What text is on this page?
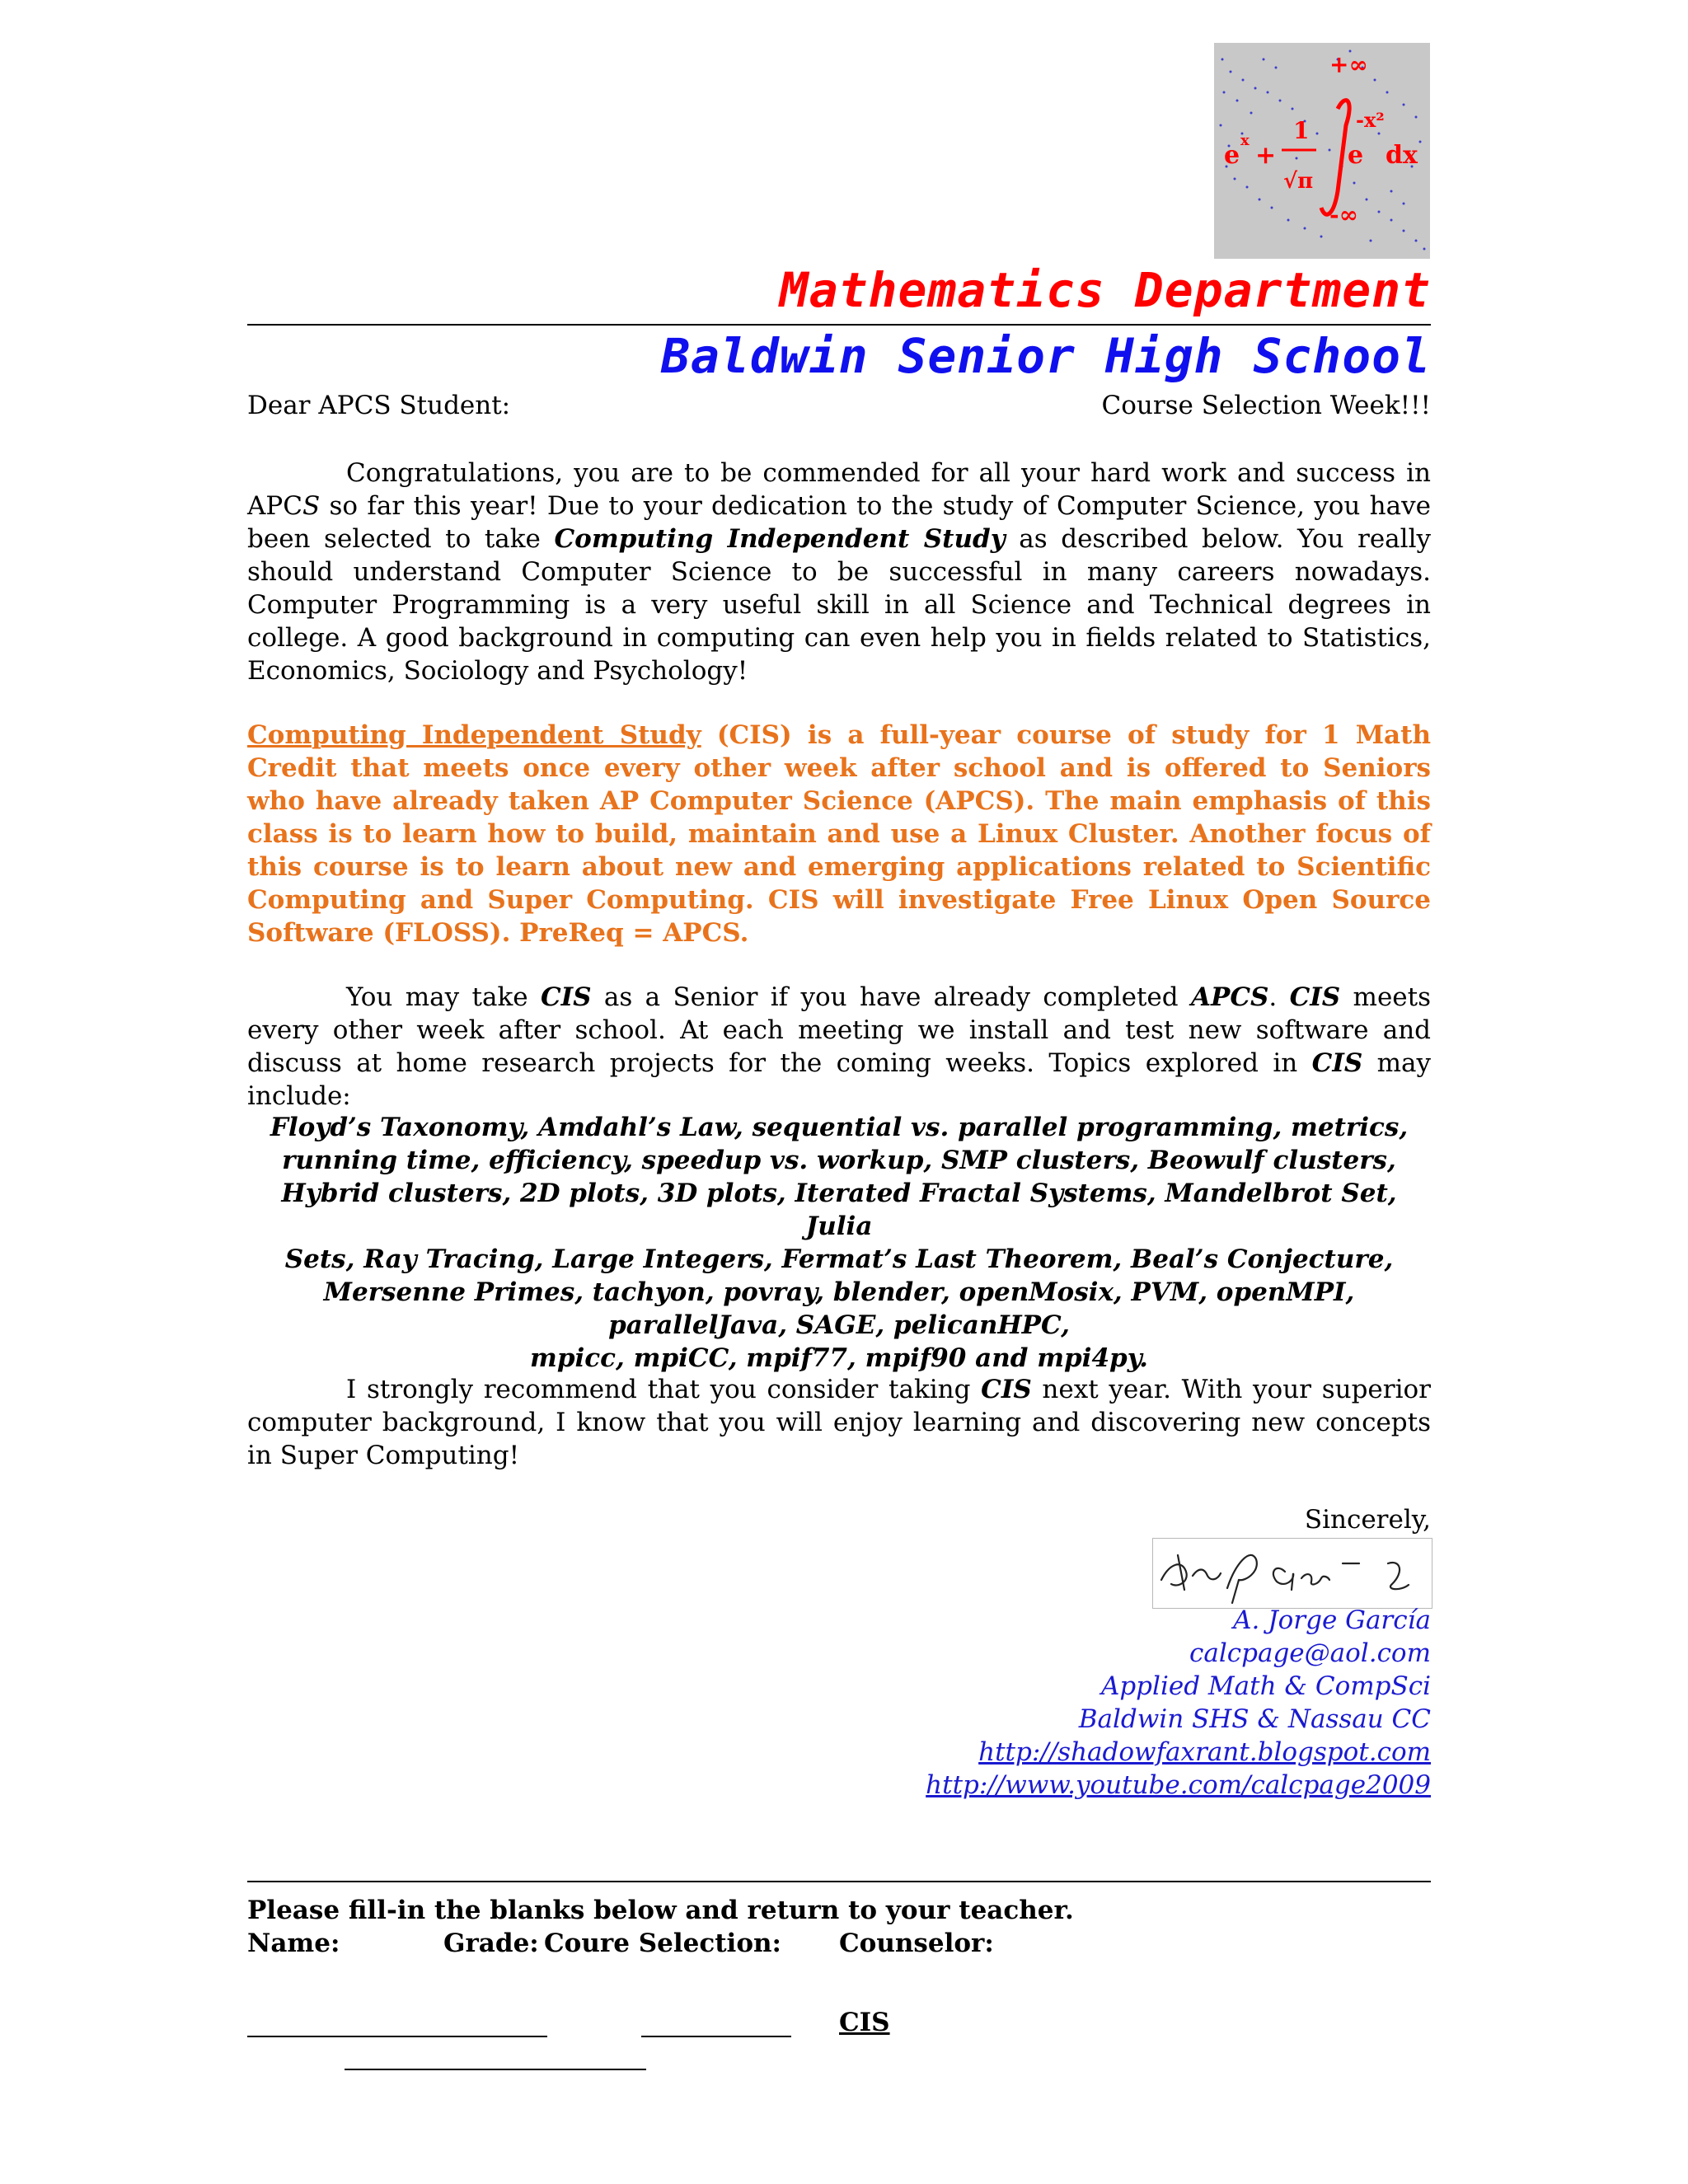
e
x
+
1
√π
+∞
-∞
e
-x²
dx
Mathematics Department
Baldwin Senior High School
Dear APCS Student:	Course Selection Week!!!
Congratulations, you are to be commended for all your hard work and success in APCS so far this year! Due to your dedication to the study of Computer Science, you have been selected to take Computing Independent Study as described below. You really should understand Computer Science to be successful in many careers nowadays. Computer Programming is a very useful skill in all Science and Technical degrees in college. A good background in computing can even help you in fields related to Statistics, Economics, Sociology and Psychology!
Computing Independent Study (CIS) is a full-year course of study for 1 Math Credit that meets once every other week after school and is offered to Seniors who have already taken AP Computer Science (APCS). The main emphasis of this class is to learn how to build, maintain and use a Linux Cluster. Another focus of this course is to learn about new and emerging applications related to Scientific Computing and Super Computing. CIS will investigate Free Linux Open Source Software (FLOSS). PreReq = APCS.
You may take CIS as a Senior if you have already completed APCS. CIS meets every other week after school. At each meeting we install and test new software and discuss at home research projects for the coming weeks. Topics explored in CIS may include:
Floyd’s Taxonomy, Amdahl’s Law, sequential vs. parallel programming, metrics,
running time, efficiency, speedup vs. workup, SMP clusters, Beowulf clusters,
Hybrid clusters, 2D plots, 3D plots, Iterated Fractal Systems, Mandelbrot Set, Julia
Sets, Ray Tracing, Large Integers, Fermat’s Last Theorem, Beal’s Conjecture,
Mersenne Primes, tachyon, povray, blender, openMosix, PVM, openMPI,
parallelJava, SAGE, pelicanHPC,
mpicc, mpiCC, mpif77, mpif90 and mpi4py.
I strongly recommend that you consider taking CIS next year. With your superior computer background, I know that you will enjoy learning and discovering new concepts in Super Computing!
Sincerely,
A. Jorge García
calcpage@aol.com
Applied Math & CompSci
Baldwin SHS & Nassau CC
http://shadowfaxrant.blogspot.com
http://www.youtube.com/calcpage2009
Please fill-in the blanks below and return to your teacher.
Name:	Grade: Coure Selection: Counselor:
CIS
